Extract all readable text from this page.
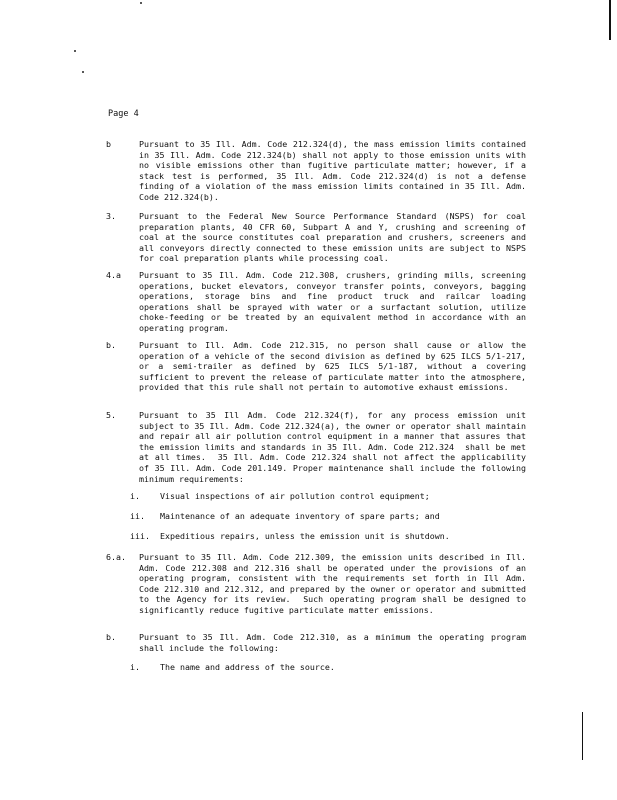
Page 4
b	Pursuant to 35 Ill. Adm. Code 212.324(d), the mass emission limits contained in 35 Ill. Adm. Code 212.324(b) shall not apply to those emission units with no visible emissions other than fugitive particulate matter; however, if a stack test is performed, 35 Ill. Adm. Code 212.324(d) is not a defense finding of a violation of the mass emission limits contained in 35 Ill. Adm. Code 212.324(b).
3.	Pursuant to the Federal New Source Performance Standard (NSPS) for coal preparation plants, 40 CFR 60, Subpart A and Y, crushing and screening of coal at the source constitutes coal preparation and crushers, screeners and all conveyors directly connected to these emission units are subject to NSPS for coal preparation plants while processing coal.
4.a	Pursuant to 35 Ill. Adm. Code 212.308, crushers, grinding mills, screening operations, bucket elevators, conveyor transfer points, conveyors, bagging operations, storage bins and fine product truck and railcar loading operations shall be sprayed with water or a surfactant solution, utilize choke-feeding or be treated by an equivalent method in accordance with an operating program.
b.	Pursuant to Ill. Adm. Code 212.315, no person shall cause or allow the operation of a vehicle of the second division as defined by 625 ILCS 5/1-217, or a semi-trailer as defined by 625 ILCS 5/1-187, without a covering sufficient to prevent the release of particulate matter into the atmosphere, provided that this rule shall not pertain to automotive exhaust emissions.
5.	Pursuant to 35 Ill Adm. Code 212.324(f), for any process emission unit subject to 35 Ill. Adm. Code 212.324(a), the owner or operator shall maintain and repair all air pollution control equipment in a manner that assures that the emission limits and standards in 35 Ill. Adm. Code 212.324  shall be met at all times.  35 Ill. Adm. Code 212.324 shall not affect the applicability of 35 Ill. Adm. Code 201.149. Proper maintenance shall include the following minimum requirements:
i.	Visual inspections of air pollution control equipment;
ii.	Maintenance of an adequate inventory of spare parts; and
iii.	Expeditious repairs, unless the emission unit is shutdown.
6.a.	Pursuant to 35 Ill. Adm. Code 212.309, the emission units described in Ill. Adm. Code 212.308 and 212.316 shall be operated under the provisions of an operating program, consistent with the requirements set forth in Ill Adm. Code 212.310 and 212.312, and prepared by the owner or operator and submitted to the Agency for its review.  Such operating program shall be designed to significantly reduce fugitive particulate matter emissions.
b.	Pursuant to 35 Ill. Adm. Code 212.310, as a minimum the operating program shall include the following:
i.	The name and address of the source.
